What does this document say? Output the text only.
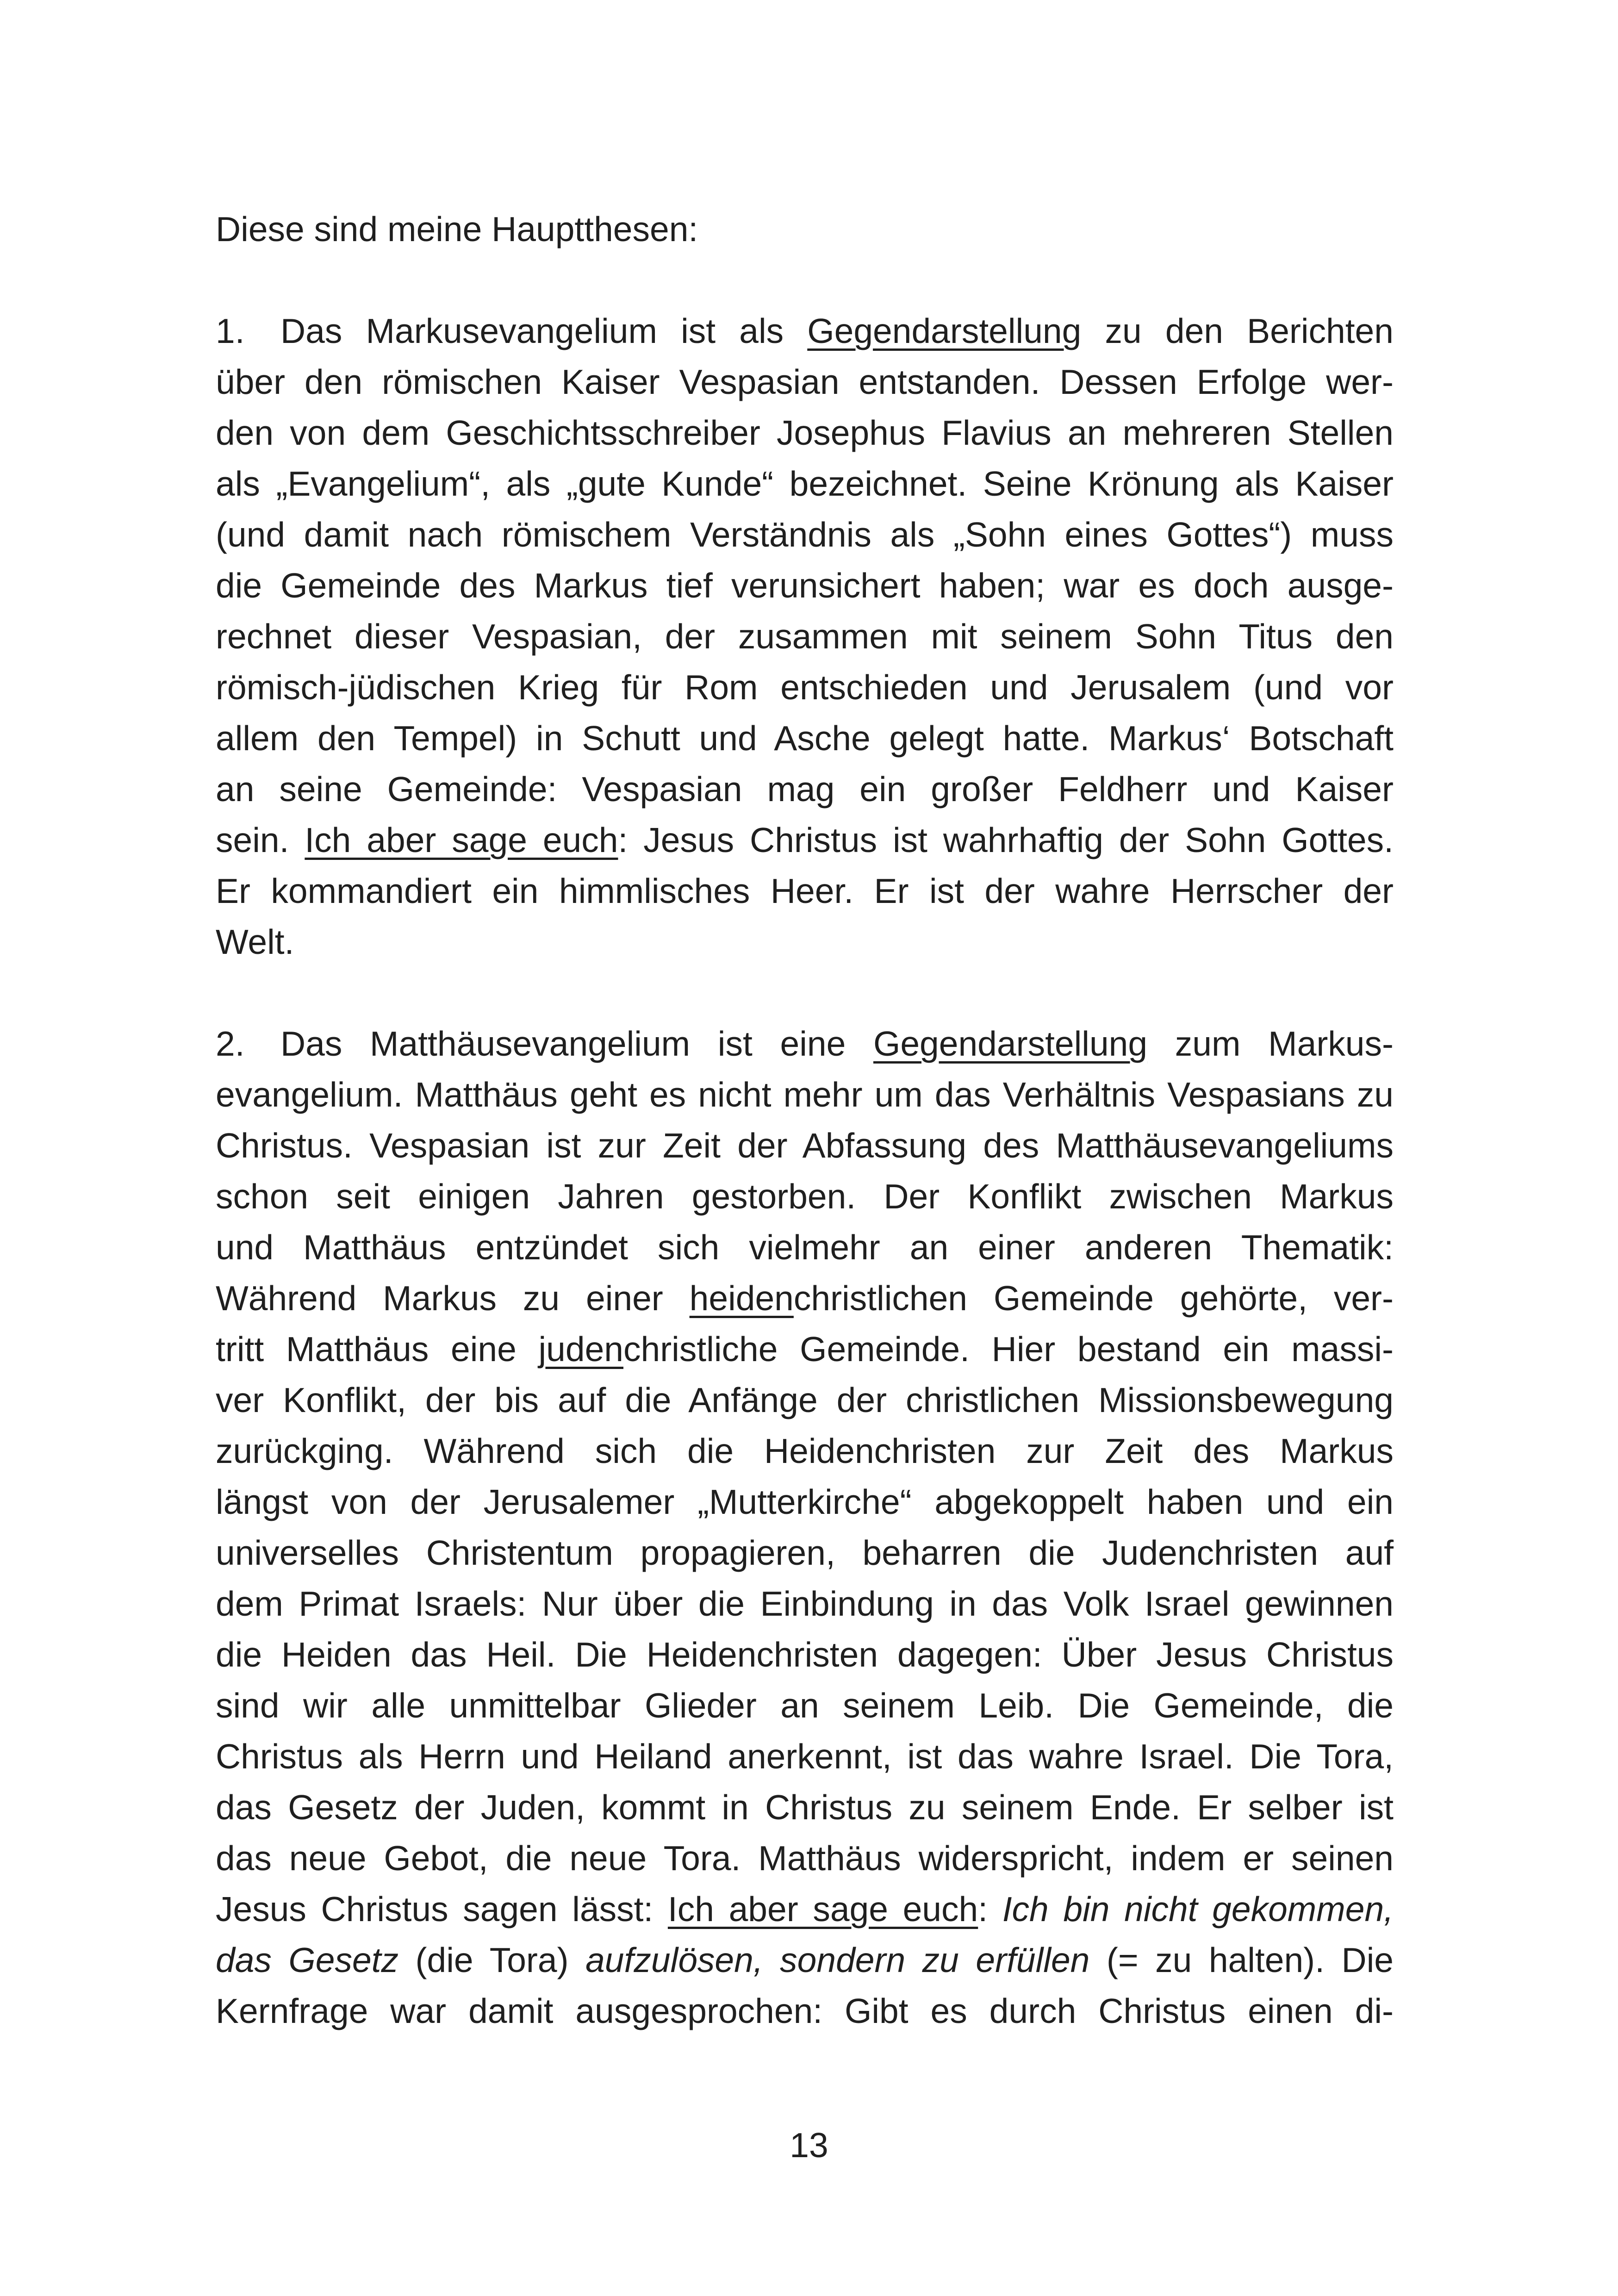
Diese sind meine Hauptthesen:
1. Das Markusevangelium ist als Gegendarstellung zu den Berichten
über den römischen Kaiser Vespasian entstanden. Dessen Erfolge wer-
den von dem Geschichtsschreiber Josephus Flavius an mehreren Stellen
als „Evangelium“, als „gute Kunde“ bezeichnet. Seine Krönung als Kaiser
(und damit nach römischem Verständnis als „Sohn eines Gottes“) muss
die Gemeinde des Markus tief verunsichert haben; war es doch ausge-
rechnet dieser Vespasian, der zusammen mit seinem Sohn Titus den
römisch-jüdischen Krieg für Rom entschieden und Jerusalem (und vor
allem den Tempel) in Schutt und Asche gelegt hatte. Markus‘ Botschaft
an seine Gemeinde: Vespasian mag ein großer Feldherr und Kaiser
sein. Ich aber sage euch: Jesus Christus ist wahrhaftig der Sohn Gottes.
Er kommandiert ein himmlisches Heer. Er ist der wahre Herrscher der
Welt.
2. Das Matthäusevangelium ist eine Gegendarstellung zum Markus-
evangelium. Matthäus geht es nicht mehr um das Verhältnis Vespasians zu
Christus. Vespasian ist zur Zeit der Abfassung des Matthäusevangeliums
schon seit einigen Jahren gestorben. Der Konflikt zwischen Markus
und Matthäus entzündet sich vielmehr an einer anderen Thematik:
Während Markus zu einer heidenchristlichen Gemeinde gehörte, ver-
tritt Matthäus eine judenchristliche Gemeinde. Hier bestand ein massi-
ver Konflikt, der bis auf die Anfänge der christlichen Missionsbewegung
zurückging. Während sich die Heidenchristen zur Zeit des Markus
längst von der Jerusalemer „Mutterkirche“ abgekoppelt haben und ein
universelles Christentum propagieren, beharren die Judenchristen auf
dem Primat Israels: Nur über die Einbindung in das Volk Israel gewinnen
die Heiden das Heil. Die Heidenchristen dagegen: Über Jesus Christus
sind wir alle unmittelbar Glieder an seinem Leib. Die Gemeinde, die
Christus als Herrn und Heiland anerkennt, ist das wahre Israel. Die Tora,
das Gesetz der Juden, kommt in Christus zu seinem Ende. Er selber ist
das neue Gebot, die neue Tora. Matthäus widerspricht, indem er seinen
Jesus Christus sagen lässt: Ich aber sage euch: Ich bin nicht gekommen,
das Gesetz (die Tora) aufzulösen, sondern zu erfüllen (= zu halten). Die
Kernfrage war damit ausgesprochen: Gibt es durch Christus einen di-
13
